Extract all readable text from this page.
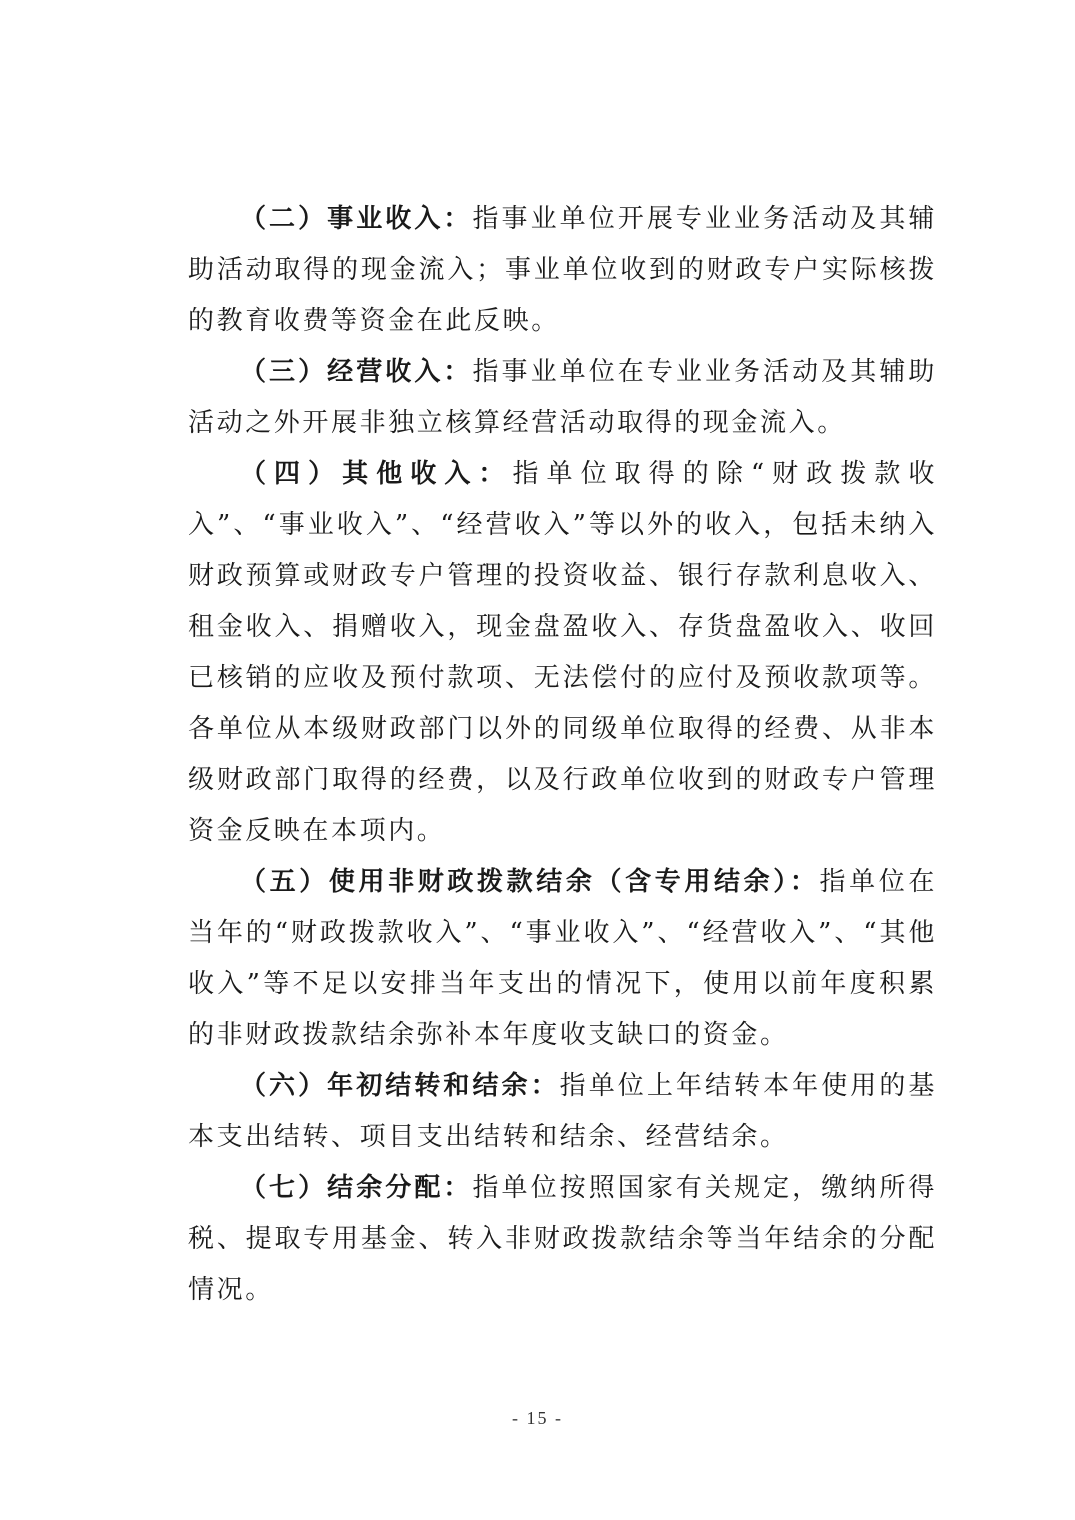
（二）事业收入：指事业单位开展专业业务活动及其辅助活动取得的现金流入；事业单位收到的财政专户实际核拨的教育收费等资金在此反映。

（三）经营收入：指事业单位在专业业务活动及其辅助活动之外开展非独立核算经营活动取得的现金流入。

（四）其他收入：指单位取得的除“财政拨款收入”、“事业收入”、“经营收入”等以外的收入，包括未纳入财政预算或财政专户管理的投资收益、银行存款利息收入、租金收入、捐赠收入，现金盘盈收入、存货盘盈收入、收回已核销的应收及预付款项、无法偿付的应付及预收款项等。各单位从本级财政部门以外的同级单位取得的经费、从非本级财政部门取得的经费，以及行政单位收到的财政专户管理资金反映在本项内。

（五）使用非财政拨款结余（含专用结余）：指单位在当年的“财政拨款收入”、“事业收入”、“经营收入”、“其他收入”等不足以安排当年支出的情况下，使用以前年度积累的非财政拨款结余弥补本年度收支缺口的资金。

（六）年初结转和结余：指单位上年结转本年使用的基本支出结转、项目支出结转和结余、经营结余。

（七）结余分配：指单位按照国家有关规定，缴纳所得税、提取专用基金、转入非财政拨款结余等当年结余的分配情况。

- 15 -
